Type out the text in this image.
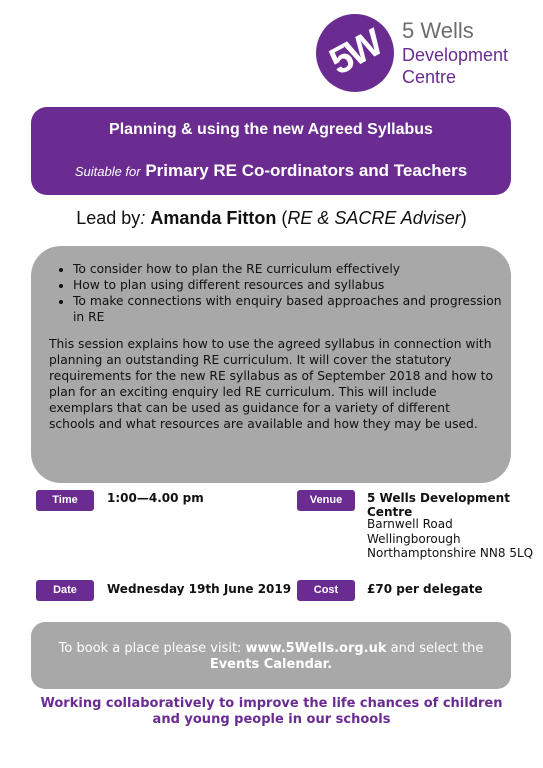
5W 5 Wells
Development
Centre
Planning & using the new Agreed Syllabus
Suitable for Primary RE Co-ordinators and Teachers
Lead by: Amanda Fitton (RE & SACRE Adviser)
• To consider how to plan the RE curriculum effectively
• How to plan using different resources and syllabus
• To make connections with enquiry based approaches and progression in RE

This session explains how to use the agreed syllabus in connection with planning an outstanding RE curriculum. It will cover the statutory requirements for the new RE syllabus as of September 2018 and how to plan for an exciting enquiry led RE curriculum. This will include exemplars that can be used as guidance for a variety of different schools and what resources are available and how they may be used.

Time	1:00—4.00 pm	Venue	5 Wells Development Centre
Barnwell Road
Wellingborough
Northamptonshire NN8 5LQ
Date	Wednesday 19th June 2019	Cost	£70 per delegate
To book a place please visit: www.5Wells.org.uk and select the
Events Calendar.
Working collaboratively to improve the life chances of children
and young people in our schools
